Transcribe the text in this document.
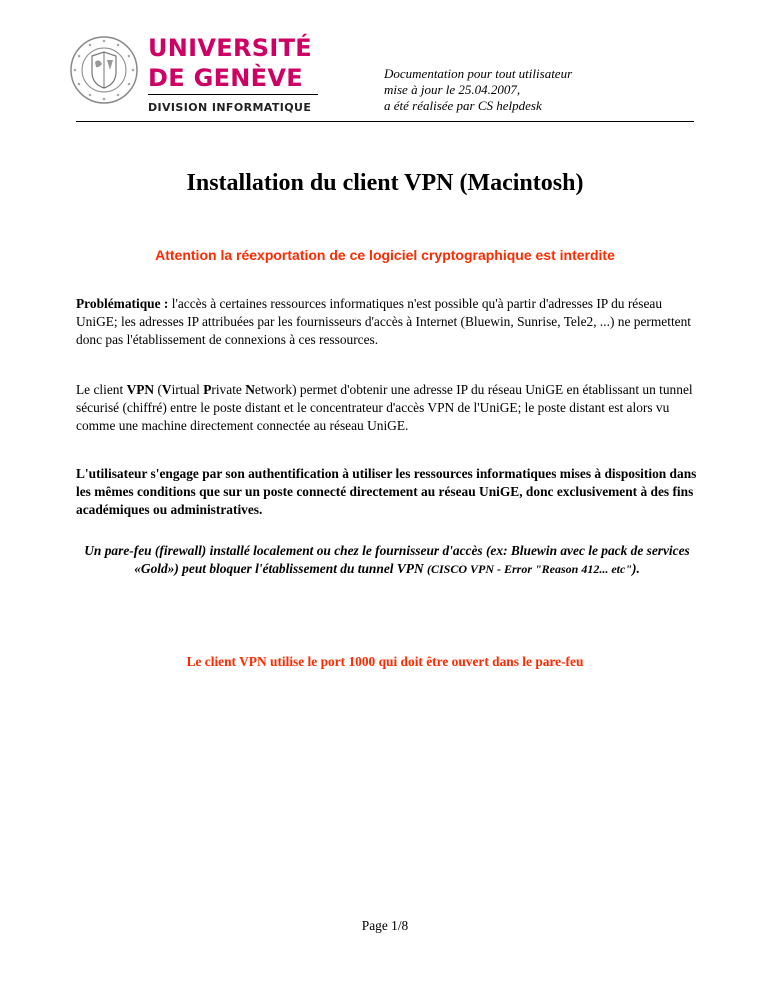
UNIVERSITÉ
DE GENÈVE
DIVISION INFORMATIQUE
Documentation pour tout utilisateur
mise à jour le 25.04.2007,
a été réalisée par CS helpdesk
Installation du client VPN (Macintosh)
Attention la réexportation de ce logiciel cryptographique est interdite

Problématique : l'accès à certaines ressources informatiques n'est possible qu'à partir d'adresses IP du réseau UniGE; les adresses IP attribuées par les fournisseurs d'accès à Internet (Bluewin, Sunrise, Tele2, ...) ne permettent donc pas l'établissement de connexions à ces ressources.

Le client VPN (Virtual Private Network) permet d'obtenir une adresse IP du réseau UniGE en établissant un tunnel sécurisé (chiffré) entre le poste distant et le concentrateur d'accès VPN de l'UniGE; le poste distant est alors vu comme une machine directement connectée au réseau UniGE.

L'utilisateur s'engage par son authentification à utiliser les ressources informatiques mises à disposition dans les mêmes conditions que sur un poste connecté directement au réseau UniGE, donc exclusivement à des fins académiques ou administratives.

Un pare-feu (firewall) installé localement ou chez le fournisseur d'accès (ex: Bluewin avec le pack de services «Gold») peut bloquer l'établissement du tunnel VPN (CISCO VPN - Error "Reason 412... etc").

Le client VPN utilise le port 1000 qui doit être ouvert dans le pare-feu
Page 1/8
